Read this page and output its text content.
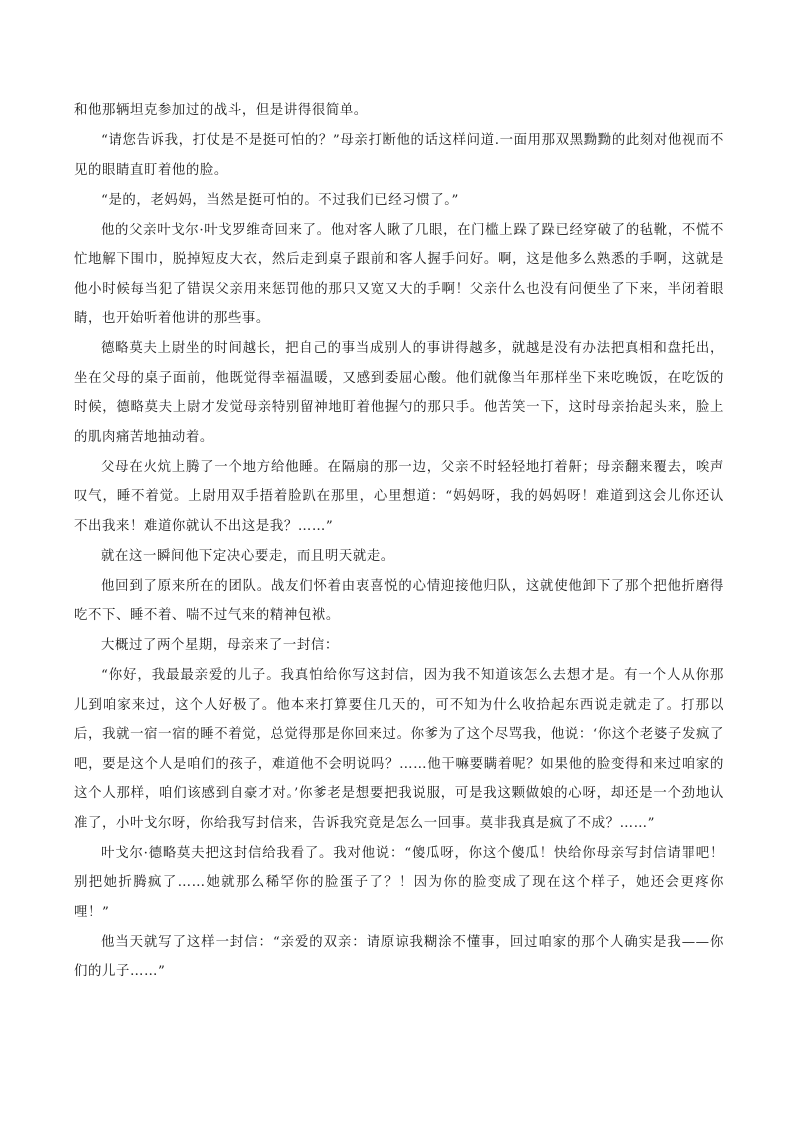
和他那辆坦克参加过的战斗，但是讲得很简单。

“请您告诉我，打仗是不是挺可怕的？”母亲打断他的话这样问道.一面用那双黑黝黝的此刻对他视而不见的眼睛直盯着他的脸。

“是的，老妈妈，当然是挺可怕的。不过我们已经习惯了。”

他的父亲叶戈尔·叶戈罗维奇回来了。他对客人瞅了几眼，在门槛上跺了跺已经穿破了的毡靴，不慌不忙地解下围巾，脱掉短皮大衣，然后走到桌子跟前和客人握手问好。啊，这是他多么熟悉的手啊，这就是他小时候每当犯了错误父亲用来惩罚他的那只又宽又大的手啊！父亲什么也没有问便坐了下来，半闭着眼睛，也开始听着他讲的那些事。

德略莫夫上尉坐的时间越长，把自己的事当成别人的事讲得越多，就越是没有办法把真相和盘托出，坐在父母的桌子面前，他既觉得幸福温暖，又感到委屈心酸。他们就像当年那样坐下来吃晚饭，在吃饭的时候，德略莫夫上尉才发觉母亲特别留神地盯着他握勺的那只手。他苦笑一下，这时母亲抬起头来，脸上的肌肉痛苦地抽动着。

父母在火炕上腾了一个地方给他睡。在隔扇的那一边，父亲不时轻轻地打着鼾；母亲翻来覆去，唉声叹气，睡不着觉。上尉用双手捂着脸趴在那里，心里想道：“妈妈呀，我的妈妈呀！难道到这会儿你还认不出我来！难道你就认不出这是我？……”

就在这一瞬间他下定决心要走，而且明天就走。

他回到了原来所在的团队。战友们怀着由衷喜悦的心情迎接他归队，这就使他卸下了那个把他折磨得吃不下、睡不着、喘不过气来的精神包袱。

大概过了两个星期，母亲来了一封信：

“你好，我最最亲爱的儿子。我真怕给你写这封信，因为我不知道该怎么去想才是。有一个人从你那儿到咱家来过，这个人好极了。他本来打算要住几天的，可不知为什么收拾起东西说走就走了。打那以后，我就一宿一宿的睡不着觉，总觉得那是你回来过。你爹为了这个尽骂我，他说：‘你这个老婆子发疯了吧，要是这个人是咱们的孩子，难道他不会明说吗？……他干嘛要瞒着呢？如果他的脸变得和来过咱家的这个人那样，咱们该感到自豪才对。’你爹老是想要把我说服，可是我这颗做娘的心呀，却还是一个劲地认准了，小叶戈尔呀，你给我写封信来，告诉我究竟是怎么一回事。莫非我真是疯了不成？……”

叶戈尔·德略莫夫把这封信给我看了。我对他说：“傻瓜呀，你这个傻瓜！快给你母亲写封信请罪吧！别把她折腾疯了……她就那么稀罕你的脸蛋子了？！因为你的脸变成了现在这个样子，她还会更疼你哩！”

他当天就写了这样一封信：“亲爱的双亲：请原谅我糊涂不懂事，回过咱家的那个人确实是我——你们的儿子……”
